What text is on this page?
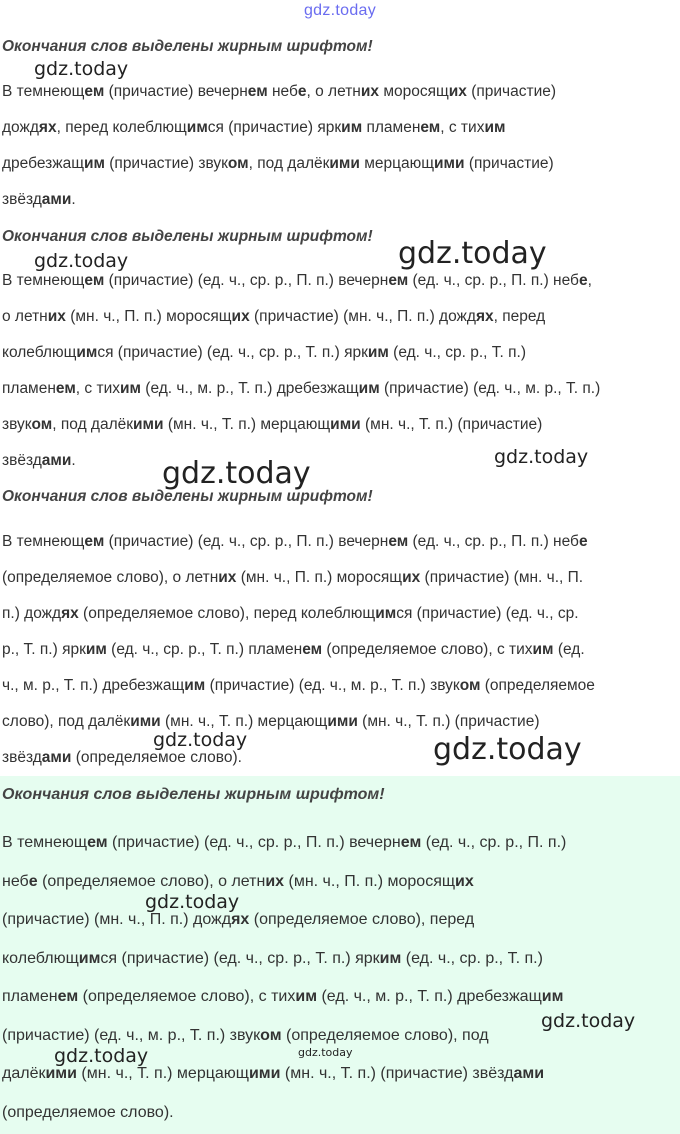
gdz.today

Окончания слов выделены жирным шрифтом!

В темнеющем (причастие) вечернем небе, о летних моросящих (причастие)
дождях, перед колеблющимся (причастие) ярким пламенем, с тихим
дребезжащим (причастие) звуком, под далёкими мерцающими (причастие)
звёздами.

Окончания слов выделены жирным шрифтом!

В темнеющем (причастие) (ед. ч., ср. р., П. п.) вечернем (ед. ч., ср. р., П. п.) небе,
о летних (мн. ч., П. п.) моросящих (причастие) (мн. ч., П. п.) дождях, перед
колеблющимся (причастие) (ед. ч., ср. р., Т. п.) ярким (ед. ч., ср. р., Т. п.)
пламенем, с тихим (ед. ч., м. р., Т. п.) дребезжащим (причастие) (ед. ч., м. р., Т. п.)
звуком, под далёкими (мн. ч., Т. п.) мерцающими (мн. ч., Т. п.) (причастие)
звёздами.

Окончания слов выделены жирным шрифтом!

В темнеющем (причастие) (ед. ч., ср. р., П. п.) вечернем (ед. ч., ср. р., П. п.) небе
(определяемое слово), о летних (мн. ч., П. п.) моросящих (причастие) (мн. ч., П.
п.) дождях (определяемое слово), перед колеблющимся (причастие) (ед. ч., ср.
р., Т. п.) ярким (ед. ч., ср. р., Т. п.) пламенем (определяемое слово), с тихим (ед.
ч., м. р., Т. п.) дребезжащим (причастие) (ед. ч., м. р., Т. п.) звуком (определяемое
слово), под далёкими (мн. ч., Т. п.) мерцающими (мн. ч., Т. п.) (причастие)
звёздами (определяемое слово).

Окончания слов выделены жирным шрифтом!

В темнеющем (причастие) (ед. ч., ср. р., П. п.) вечернем (ед. ч., ср. р., П. п.)
небе (определяемое слово), о летних (мн. ч., П. п.) моросящих
(причастие) (мн. ч., П. п.) дождях (определяемое слово), перед
колеблющимся (причастие) (ед. ч., ср. р., Т. п.) ярким (ед. ч., ср. р., Т. п.)
пламенем (определяемое слово), с тихим (ед. ч., м. р., Т. п.) дребезжащим
(причастие) (ед. ч., м. р., Т. п.) звуком (определяемое слово), под
далёкими (мн. ч., Т. п.) мерцающими (мн. ч., Т. п.) (причастие) звёздами
(определяемое слово).
gdz.today
gdz.today	gdz.today
gdz.today	gdz.today
gdz.today	gdz.today
gdz.today
gdz.today
gdz.today	gdz.today
